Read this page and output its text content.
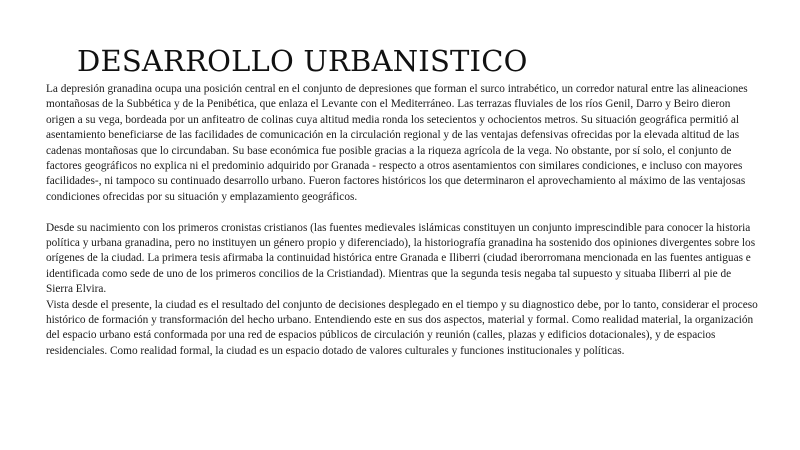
DESARROLLO URBANISTICO

La depresión granadina ocupa una posición central en el conjunto de depresiones que forman el surco intrabético, un corredor natural entre las alineaciones montañosas de la Subbética y de la Penibética, que enlaza el Levante con el Mediterráneo. Las terrazas fluviales de los ríos Genil, Darro y Beiro dieron origen a su vega, bordeada por un anfiteatro de colinas cuya altitud media ronda los setecientos y ochocientos metros. Su situación geográfica permitió al asentamiento beneficiarse de las facilidades de comunicación en la circulación regional y de las ventajas defensivas ofrecidas por la elevada altitud de las cadenas montañosas que lo circundaban. Su base económica fue posible gracias a la riqueza agrícola de la vega. No obstante, por sí solo, el conjunto de factores geográficos no explica ni el predominio adquirido por Granada - respecto a otros asentamientos con similares condiciones, e incluso con mayores facilidades-, ni tampoco su continuado desarrollo urbano. Fueron factores históricos los que determinaron el aprovechamiento al máximo de las ventajosas condiciones ofrecidas por su situación y emplazamiento geográficos.

Desde su nacimiento con los primeros cronistas cristianos (las fuentes medievales islámicas constituyen un conjunto imprescindible para conocer la historia política y urbana granadina, pero no instituyen un género propio y diferenciado), la historiografía granadina ha sostenido dos opiniones divergentes sobre los orígenes de la ciudad. La primera tesis afirmaba la continuidad histórica entre Granada e Iliberri (ciudad iberorromana mencionada en las fuentes antiguas e identificada como sede de uno de los primeros concilios de la Cristiandad). Mientras que la segunda tesis negaba tal supuesto y situaba Iliberri al pie de Sierra Elvira.

Vista desde el presente, la ciudad es el resultado del conjunto de decisiones desplegado en el tiempo y su diagnostico debe, por lo tanto, considerar el proceso histórico de formación y transformación del hecho urbano. Entendiendo este en sus dos aspectos, material y formal. Como realidad material, la organización del espacio urbano está conformada por una red de espacios públicos de circulación y reunión (calles, plazas y edificios dotacionales), y de espacios residenciales. Como realidad formal, la ciudad es un espacio dotado de valores culturales y funciones institucionales y políticas.
